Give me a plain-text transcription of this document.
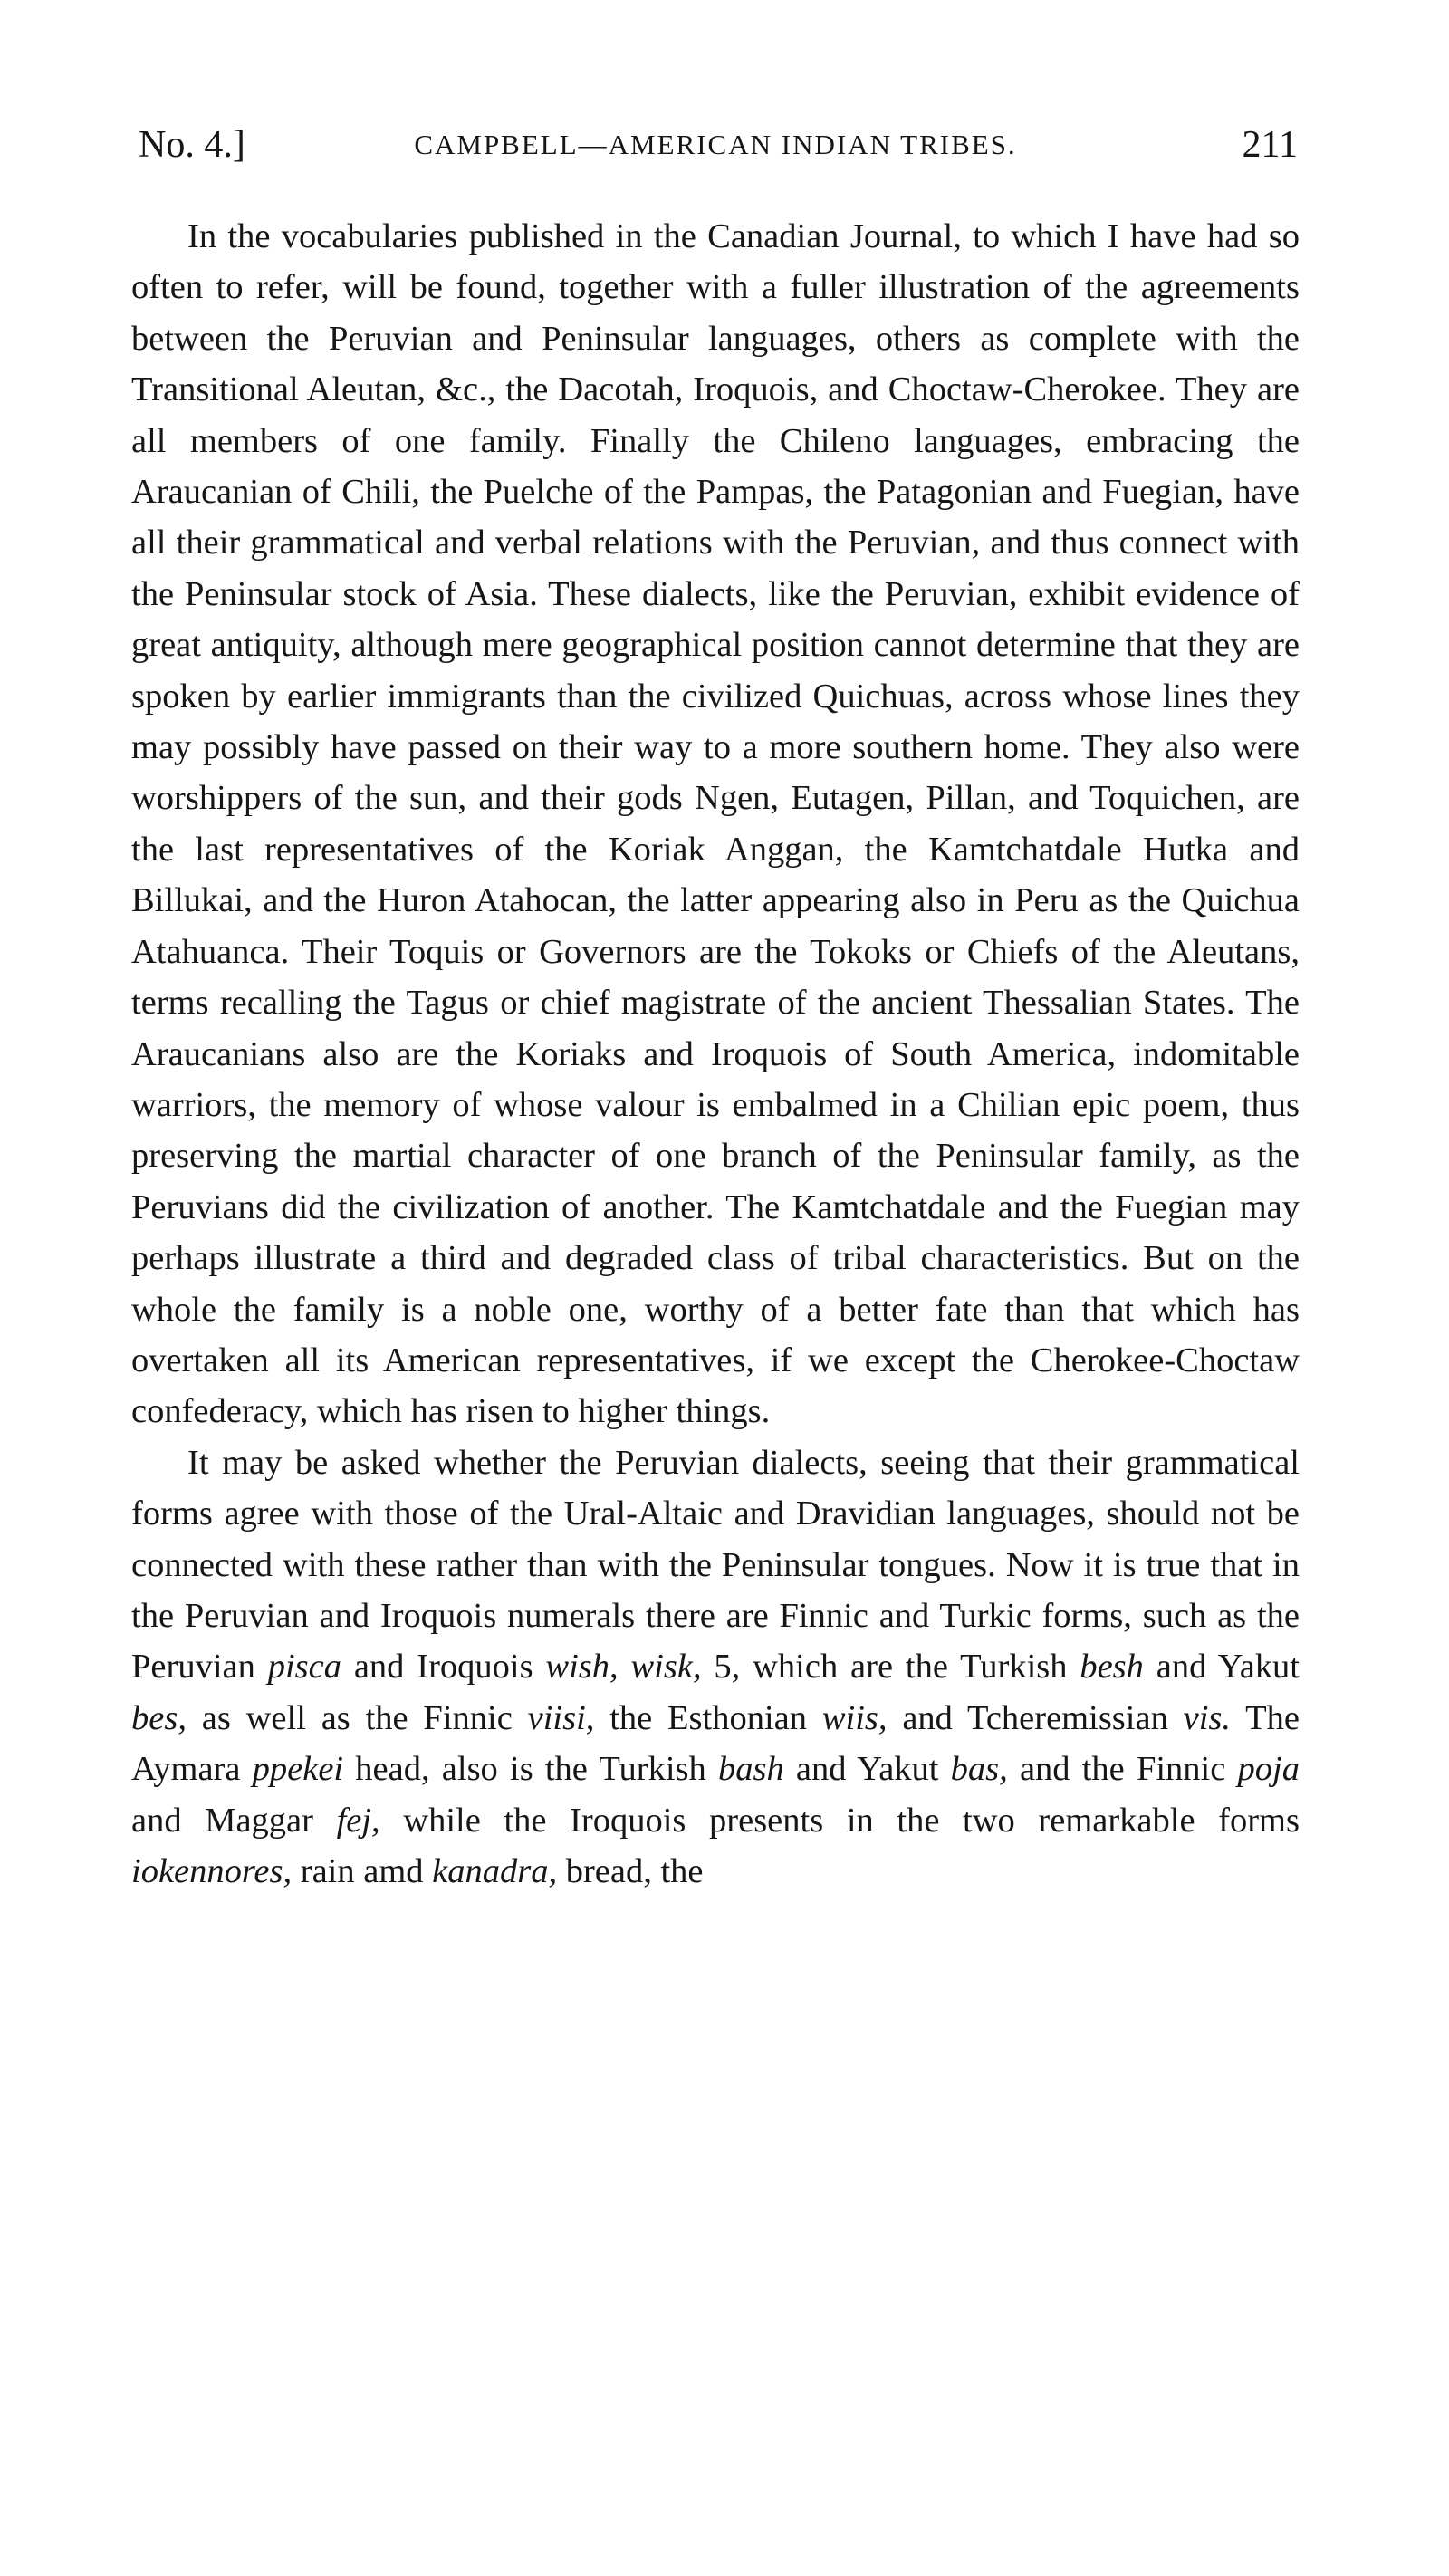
No. 4.]	CAMPBELL—AMERICAN INDIAN TRIBES.	211

In the vocabularies published in the Canadian Journal, to which I have had so often to refer, will be found, together with a fuller illustration of the agreements between the Peruvian and Peninsular languages, others as complete with the Transitional Aleutan, &c., the Dacotah, Iroquois, and Choctaw-Cherokee. They are all members of one family. Finally the Chileno languages, embracing the Araucanian of Chili, the Puelche of the Pampas, the Patagonian and Fuegian, have all their grammatical and verbal relations with the Peruvian, and thus connect with the Peninsular stock of Asia. These dialects, like the Peruvian, exhibit evidence of great antiquity, although mere geographical position cannot determine that they are spoken by earlier immigrants than the civilized Quichuas, across whose lines they may possibly have passed on their way to a more southern home. They also were worshippers of the sun, and their gods Ngen, Eutagen, Pillan, and Toquichen, are the last representatives of the Koriak Anggan, the Kamtchatdale Hutka and Billukai, and the Huron Atahocan, the latter appearing also in Peru as the Quichua Atahuanca. Their Toquis or Governors are the Tokoks or Chiefs of the Aleutans, terms recalling the Tagus or chief magistrate of the ancient Thessalian States. The Araucanians also are the Koriaks and Iroquois of South America, indomitable warriors, the memory of whose valour is embalmed in a Chilian epic poem, thus preserving the martial character of one branch of the Peninsular family, as the Peruvians did the civilization of another. The Kamtchatdale and the Fuegian may perhaps illustrate a third and degraded class of tribal characteristics. But on the whole the family is a noble one, worthy of a better fate than that which has overtaken all its American representatives, if we except the Cherokee-Choctaw confederacy, which has risen to higher things.

It may be asked whether the Peruvian dialects, seeing that their grammatical forms agree with those of the Ural-Altaic and Dravidian languages, should not be connected with these rather than with the Peninsular tongues. Now it is true that in the Peruvian and Iroquois numerals there are Finnic and Turkic forms, such as the Peruvian pisca and Iroquois wish, wisk, 5, which are the Turkish besh and Yakut bes, as well as the Finnic viisi, the Esthonian wiis, and Tcheremissian vis. The Aymara ppekei head, also is the Turkish bash and Yakut bas, and the Finnic poja and Maggar fej, while the Iroquois presents in the two remarkable forms iokennores, rain amd kanadra, bread, the
